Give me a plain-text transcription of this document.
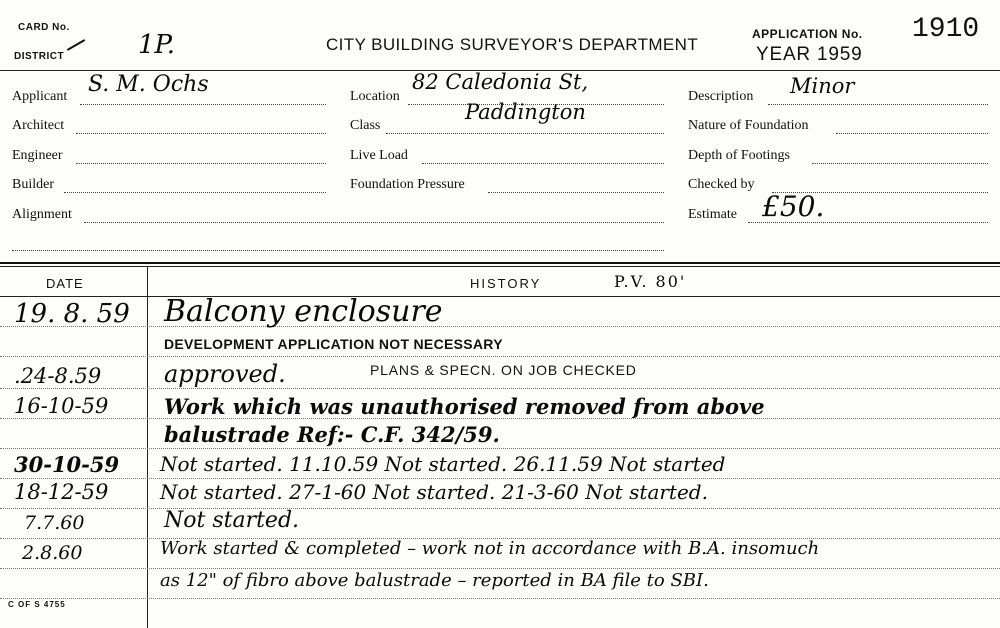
CARD No.
DISTRICT	1P.	CITY BUILDING SURVEYOR'S DEPARTMENT
APPLICATION No. 1910
YEAR 1959
Applicant S. M. Ochs
Architect
Engineer
Builder
Alignment
Location
82 Caledonia St,
Paddington
Class
Live Load
Foundation Pressure
Description Minor
Nature of Foundation
Depth of Footings
Checked by
Estimate £50.
DATE	HISTORY	P.V. 80'
19. 8. 59 Balcony enclosure
DEVELOPMENT APPLICATION NOT NECESSARY
.24-8.59	approved.	PLANS & SPECN. ON JOB CHECKED
16-10-59	Work which was unauthorised removed from above
balustrade Ref:- C.F. 342/59.
30-10-59 Not started. 11.10.59 Not started. 26.11.59 Not started
18-12-59	Not started. 27-1-60 Not started. 21-3-60 Not started.
7.7.60	Not started.
2.8.60	Work started & completed – work not in accordance with B.A. insomuch
as 12" of fibro above balustrade – reported in BA file to SBI.
C OF S 4755
